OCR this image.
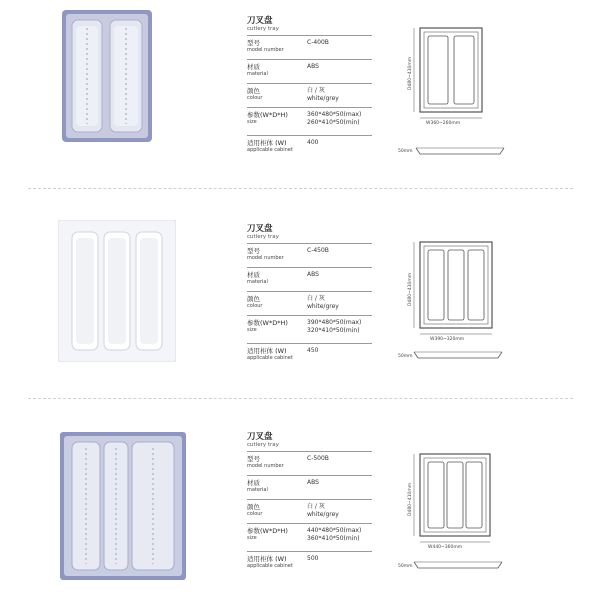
刀叉盘
cutlery tray
型号
model number
C-400B
材质
material
ABS
颜色
colour
白 / 灰
white/grey
参数(W*D*H)
size
360*480*50(max)
260*410*50(min)
适用柜体 (W)
applicable cabinet
400
D480~410mm
W360~260mm
50mm
刀叉盘
cutlery tray
型号
model number
C-450B
材质
material
ABS
颜色
colour
白 / 灰
white/grey
参数(W*D*H)
size
390*480*50(max)
320*410*50(min)
适用柜体 (W)
applicable cabinet
450
D480~410mm
W390~320mm
50mm
刀叉盘
cutlery tray
型号
model number
C-500B
材质
material
ABS
颜色
colour
白 / 灰
white/grey
参数(W*D*H)
size
440*480*50(max)
360*410*50(min)
适用柜体 (W)
applicable cabinet
500
D480~410mm
W440~360mm
50mm
